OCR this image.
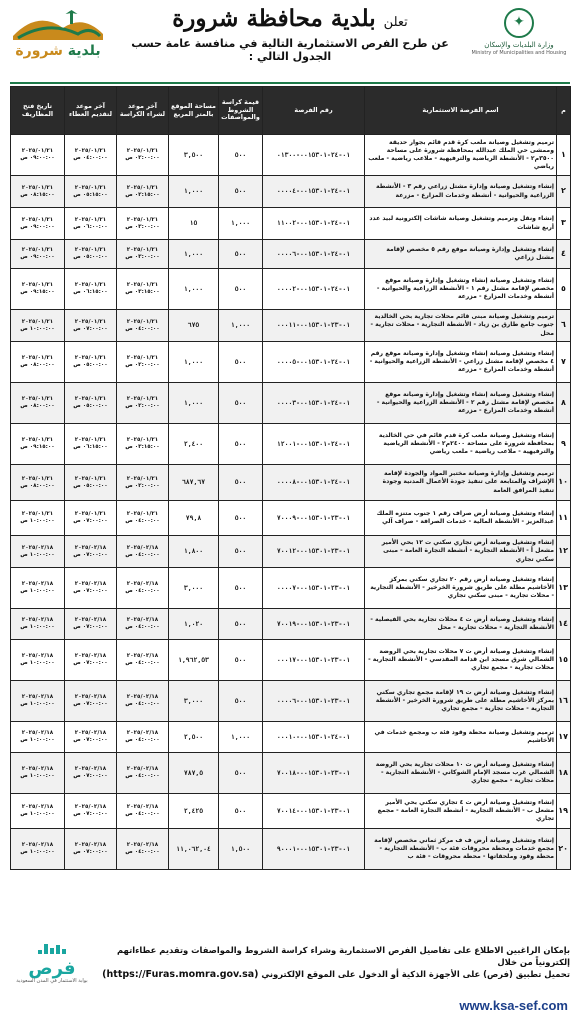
✦
وزارة البلديات والإسكان
Ministry of Municipalities and Housing
تعلن بلدية محافظة شرورة
عن طرح الفرص الاستثمارية التالية في منافسة عامة حسب الجدول التالي :
بلدية شرورة
م	اسم الفرصة الاستثمارية	رقم الفرصة	قيمة كراسة الشروط والمواصفات	مساحة الموقع بالمتر المربع	آخر موعد لشراء الكراسة	آخر موعد لتقديم العطاء	تاريخ فتح المظاريف
١	ترميم وتشغيل وصيانة ملعب كرة قدم قائم بجوار حديقة وممشى حي الملك عبدالله بمحافظة شرورة على مساحة ٣٥٠٠م٢ - الأنشطة الرياضية والترفيهية - ملاعب رياضية - ملعب رياضي	٠١-٢٤-٠٠١٥٣٠١-٠١٣٠٠	٥٠٠	٣,٥٠٠	٢٠٢٥/٠١/٢١ ٠٢:٠٠:٠٠ ص	٢٠٢٥/٠١/٢١ ٠٤:٠٠:٠٠ ص	٢٠٢٥/٠١/٢١ ٠٩:٠٠:٠٠ ص
٢	إنشاء وتشغيل وصيانة وإدارة مشتل زراعي رقم ٣ - الأنشطة الزراعية والحيوانية - أنشطة وخدمات المزارع - مزرعة	٠١-٢٤-٠٠١٥٣٠١-٠٠٠٠٤	٥٠٠	١,٠٠٠	٢٠٢٥/٠١/٢١ ٠٢:١٥:٠٠ ص	٢٠٢٥/٠١/٢١ ٠٥:١٥:٠٠ ص	٢٠٢٥/٠١/٢١ ٠٨:١٥:٠٠ ص
٣	إنشاء ونقل وترميم وتشغيل وصيانة شاشات إلكترونية لبيد عدد أربع شاشات	٠١-٢٤-٠٠١٥٣٠١-١١٠٠٢	١,٠٠٠	١٥	٢٠٢٥/٠١/٢١ ٠٣:٠٠:٠٠ ص	٢٠٢٥/٠١/٢١ ٠٦:٠٠:٠٠ ص	٢٠٢٥/٠١/٢١ ٠٩:٠٠:٠٠ ص
٤	إنشاء وتشغيل وإدارة وصيانة موقع رقم ٥ مخصص لإقامة مشتل زراعي	٠١-٢٤-٠٠١٥٣٠١-٠٠٠٠٦	٥٠٠	١,٠٠٠	٢٠٢٥/٠١/٢١ ٠٣:٠٠:٠٠ ص	٢٠٢٥/٠١/٢١ ٠٥:٠٠:٠٠ ص	٢٠٢٥/٠١/٢١ ٠٩:٠٠:٠٠ ص
٥	إنشاء وتشغيل وصيانة إنشاء وتشغيل وإدارة وصيانة موقع مخصص لإقامة مشتل رقم ١ - الأنشطة الزراعية والحيوانية - أنشطة وخدمات المزارع - مزرعة	٠١-٢٤-٠٠١٥٣٠١-٠٠٠٠٢	٥٠٠	١,٠٠٠	٢٠٢٥/٠١/٢١ ٠٣:١٥:٠٠ ص	٢٠٢٥/٠١/٢١ ٠٦:١٥:٠٠ ص	٢٠٢٥/٠١/٢١ ٠٩:١٥:٠٠ ص
٦	ترميم وتشغيل وصيانة مبنى قائم محلات تجارية بحي الخالدية جنوب جامع طارق بن زياد - الأنشطة التجارية - محلات تجارية - محل	٠١-٢٣-٠٠١٥٣٠١-٠٠٠١١	١,٠٠٠	٦٧٥	٢٠٢٥/٠١/٢١ ٠٤:٠٠:٠٠ ص	٢٠٢٥/٠١/٢١ ٠٧:٠٠:٠٠ ص	٢٠٢٥/٠١/٢١ ١٠:٠٠:٠٠ ص
٧	إنشاء وتشغيل وصيانة إنشاء وتشغيل وإدارة وصيانة موقع رقم ٤ مخصص لإقامة مشتل زراعي - الأنشطة الزراعية والحيوانية - أنشطة وخدمات المزارع - مزرعة	٠١-٢٤-٠٠١٥٣٠١-٠٠٠٠٥	٥٠٠	١,٠٠٠	٢٠٢٥/٠١/٢١ ٠٢:٠٠:٠٠ ص	٢٠٢٥/٠١/٢١ ٠٥:٠٠:٠٠ ص	٢٠٢٥/٠١/٢١ ٠٨:٠٠:٠٠ ص
٨	إنشاء وتشغيل وصيانة إنشاء وتشغيل وإدارة وصيانة موقع مخصص لإقامة مشتل رقم ٢ - الأنشطة الزراعية والحيوانية - أنشطة وخدمات المزارع - مزرعة	٠١-٢٤-٠٠١٥٣٠١-٠٠٠٠٣	٥٠٠	١,٠٠٠	٢٠٢٥/٠١/٢١ ٠٢:٠٠:٠٠ ص	٢٠٢٥/٠١/٢١ ٠٥:٠٠:٠٠ ص	٢٠٢٥/٠١/٢١ ٠٨:٠٠:٠٠ ص
٩	إنشاء وتشغيل وصيانة ملعب كرة قدم قائم في حي الخالدية بمحافظة شرورة على مساحة ٢٤٠٠م٢ - الأنشطة الرياضية والترفيهية - ملاعب رياضية - ملعب رياضي	٠١-٢٤-٠٠١٥٣٠١-١٢٠٠١	٥٠٠	٢,٤٠٠	٢٠٢٥/٠١/٢١ ٠٣:١٥:٠٠ ص	٢٠٢٥/٠١/٢١ ٠٦:١٥:٠٠ ص	٢٠٢٥/٠١/٢١ ٠٩:١٥:٠٠ ص
١٠	ترميم وتشغيل وإدارة وصيانة مختبر المواد والجودة لإقامة الإشراف والمتابعة على تنفيذ جودة الأعمال المدنية وجودة تنفيذ المرافق العامة	٠١-٢٤-٠٠١٥٣٠١-٠٠٠٠٨	٥٠٠	٦٨٧,٦٧	٢٠٢٥/٠١/٢١ ٠٢:٠٠:٠٠ ص	٢٠٢٥/٠١/٢١ ٠٥:٠٠:٠٠ ص	٢٠٢٥/٠١/٢١ ٠٨:٠٠:٠٠ ص
١١	إنشاء وتشغيل وصيانة أرض صراف رقم ١ جنوب متنزه الملك عبدالعزيز - الأنشطة المالية - خدمات الصرافة - صراف آلي	٠١-٢٣-٠٠١٥٣٠١-٧٠٠٠٩	٥٠٠	٧٩,٨	٢٠٢٥/٠١/٢١ ٠٤:٠٠:٠٠ ص	٢٠٢٥/٠١/٢١ ٠٧:٠٠:٠٠ ص	٢٠٢٥/٠١/٢١ ١٠:٠٠:٠٠ ص
١٢	إنشاء وتشغيل وصيانة أرض تجاري سكني ت ١٢ بحي الأمير مشعل أ - الأنشطة التجارية - أنشطة التجارة العامة - مبنى سكني تجاري	٠١-٢٣-٠٠١٥٣٠١-٧٠٠١٢	٥٠٠	١,٨٠٠	٢٠٢٥/٠٢/١٨ ٠٤:٠٠:٠٠ ص	٢٠٢٥/٠٢/١٨ ٠٧:٠٠:٠٠ ص	٢٠٢٥/٠٢/١٨ ١٠:٠٠:٠٠ ص
١٣	إنشاء وتشغيل وصيانة أرض رقم ٢٠ تجاري سكني بمركز الأخاشيم مطلة على طريق شرورة الخرخير - الأنشطة التجارية - محلات تجارية - مبنى سكني تجاري	٠١-٢٣-٠٠١٥٣٠١-٠٠٠٠٧	٥٠٠	٣,٠٠٠	٢٠٢٥/٠٢/١٨ ٠٤:٠٠:٠٠ ص	٢٠٢٥/٠٢/١٨ ٠٧:٠٠:٠٠ ص	٢٠٢٥/٠٢/١٨ ١٠:٠٠:٠٠ ص
١٤	إنشاء وتشغيل وصيانة أرض ت ٤ محلات تجارية بحي الفيصلية - الأنشطة التجارية - محلات تجارية - محل	٠١-٢٣-٠٠١٥٣٠١-٧٠٠١٩	٥٠٠	١,٠٢٠	٢٠٢٥/٠٢/١٨ ٠٤:٠٠:٠٠ ص	٢٠٢٥/٠٢/١٨ ٠٧:٠٠:٠٠ ص	٢٠٢٥/٠٢/١٨ ١٠:٠٠:٠٠ ص
١٥	إنشاء وتشغيل وصيانة أرض ت ٧ محلات تجارية بحي الروضة الشمالي شرق مسجد ابن قدامة المقدسي - الأنشطة التجارية - محلات تجارية - مجمع تجاري	٠١-٢٣-٠٠١٥٣٠١-٠٠٠١٧	٥٠٠	١,٩٦٢,٥٣	٢٠٢٥/٠٢/١٨ ٠٤:٠٠:٠٠ ص	٢٠٢٥/٠٢/١٨ ٠٧:٠٠:٠٠ ص	٢٠٢٥/٠٢/١٨ ١٠:٠٠:٠٠ ص
١٦	إنشاء وتشغيل وصيانة أرض ت ١٩ لإقامة مجمع تجاري سكني بمركز الأخاشيم مطلة على طريق شرورة الخرخير - الأنشطة التجارية - محلات تجارية - مجمع تجاري	٠١-٢٣-٠٠١٥٣٠١-٠٠٠٠٦	٥٠٠	٣,٠٠٠	٢٠٢٥/٠٢/١٨ ٠٤:٠٠:٠٠ ص	٢٠٢٥/٠٢/١٨ ٠٧:٠٠:٠٠ ص	٢٠٢٥/٠٢/١٨ ١٠:٠٠:٠٠ ص
١٧	ترميم وتشغيل وصيانة محطة وقود فئة ب ومجمع خدمات في الأخاشيم	٠١-٢٤-٠٠١٥٣٠١-٠٠٠١٠	١,٠٠٠	٢,٥٠٠	٢٠٢٥/٠٢/١٨ ٠٤:٠٠:٠٠ ص	٢٠٢٥/٠٢/١٨ ٠٧:٠٠:٠٠ ص	٢٠٢٥/٠٢/١٨ ١٠:٠٠:٠٠ ص
١٨	إنشاء وتشغيل وصيانة أرض ت ١٠ محلات تجارية بحي الروضة الشمالي غرب مسجد الإمام الشوكاني - الأنشطة التجارية - محلات تجارية - مجمع تجاري	٠١-٢٣-٠٠١٥٣٠١-٧٠٠١٨	٥٠٠	٧٨٧,٥	٢٠٢٥/٠٢/١٨ ٠٤:٠٠:٠٠ ص	٢٠٢٥/٠٢/١٨ ٠٧:٠٠:٠٠ ص	٢٠٢٥/٠٢/١٨ ١٠:٠٠:٠٠ ص
١٩	إنشاء وتشغيل وصيانة أرض ت ٤ تجاري سكني بحي الأمير مشعل ب - الأنشطة التجارية - أنشطة التجارة العامة - مجمع تجاري	٠١-٢٣-٠٠١٥٣٠١-٧٠٠١٤	٥٠٠	٢,٤٢٥	٢٠٢٥/٠٢/١٨ ٠٤:٠٠:٠٠ ص	٢٠٢٥/٠٢/١٨ ٠٧:٠٠:٠٠ ص	٢٠٢٥/٠٢/١٨ ١٠:٠٠:٠٠ ص
٢٠	إنشاء وتشغيل وصيانة أرض ف ف مركز ثماني مخصص لإقامة مجمع خدمات ومحطة محروقات فئة ب - الأنشطة التجارية - محطة وقود وملحقاتها - محطة محروقات - فئة ب	٠١-٢٣-٠٠١٥٣٠١-٩٠٠٠١	١,٥٠٠	١١,٠٦٢,٠٤	٢٠٢٥/٠٢/١٨ ٠٤:٠٠:٠٠ ص	٢٠٢٥/٠٢/١٨ ٠٧:٠٠:٠٠ ص	٢٠٢٥/٠٢/١٨ ١٠:٠٠:٠٠ ص
بإمكان الراغبين الاطلاع على تفاصيل الفرص الاستثمارية وشراء كراسة الشروط والمواصفات وتقديم عطاءاتهم إلكترونياً من خلال
تحميل تطبيق (فرص) على الأجهزة الذكية أو الدخول على الموقع الإلكتروني (https://Furas.momra.gov.sa)
فرص
بوابة الاستثمار في المدن السعودية
www.ksa-sef.com
